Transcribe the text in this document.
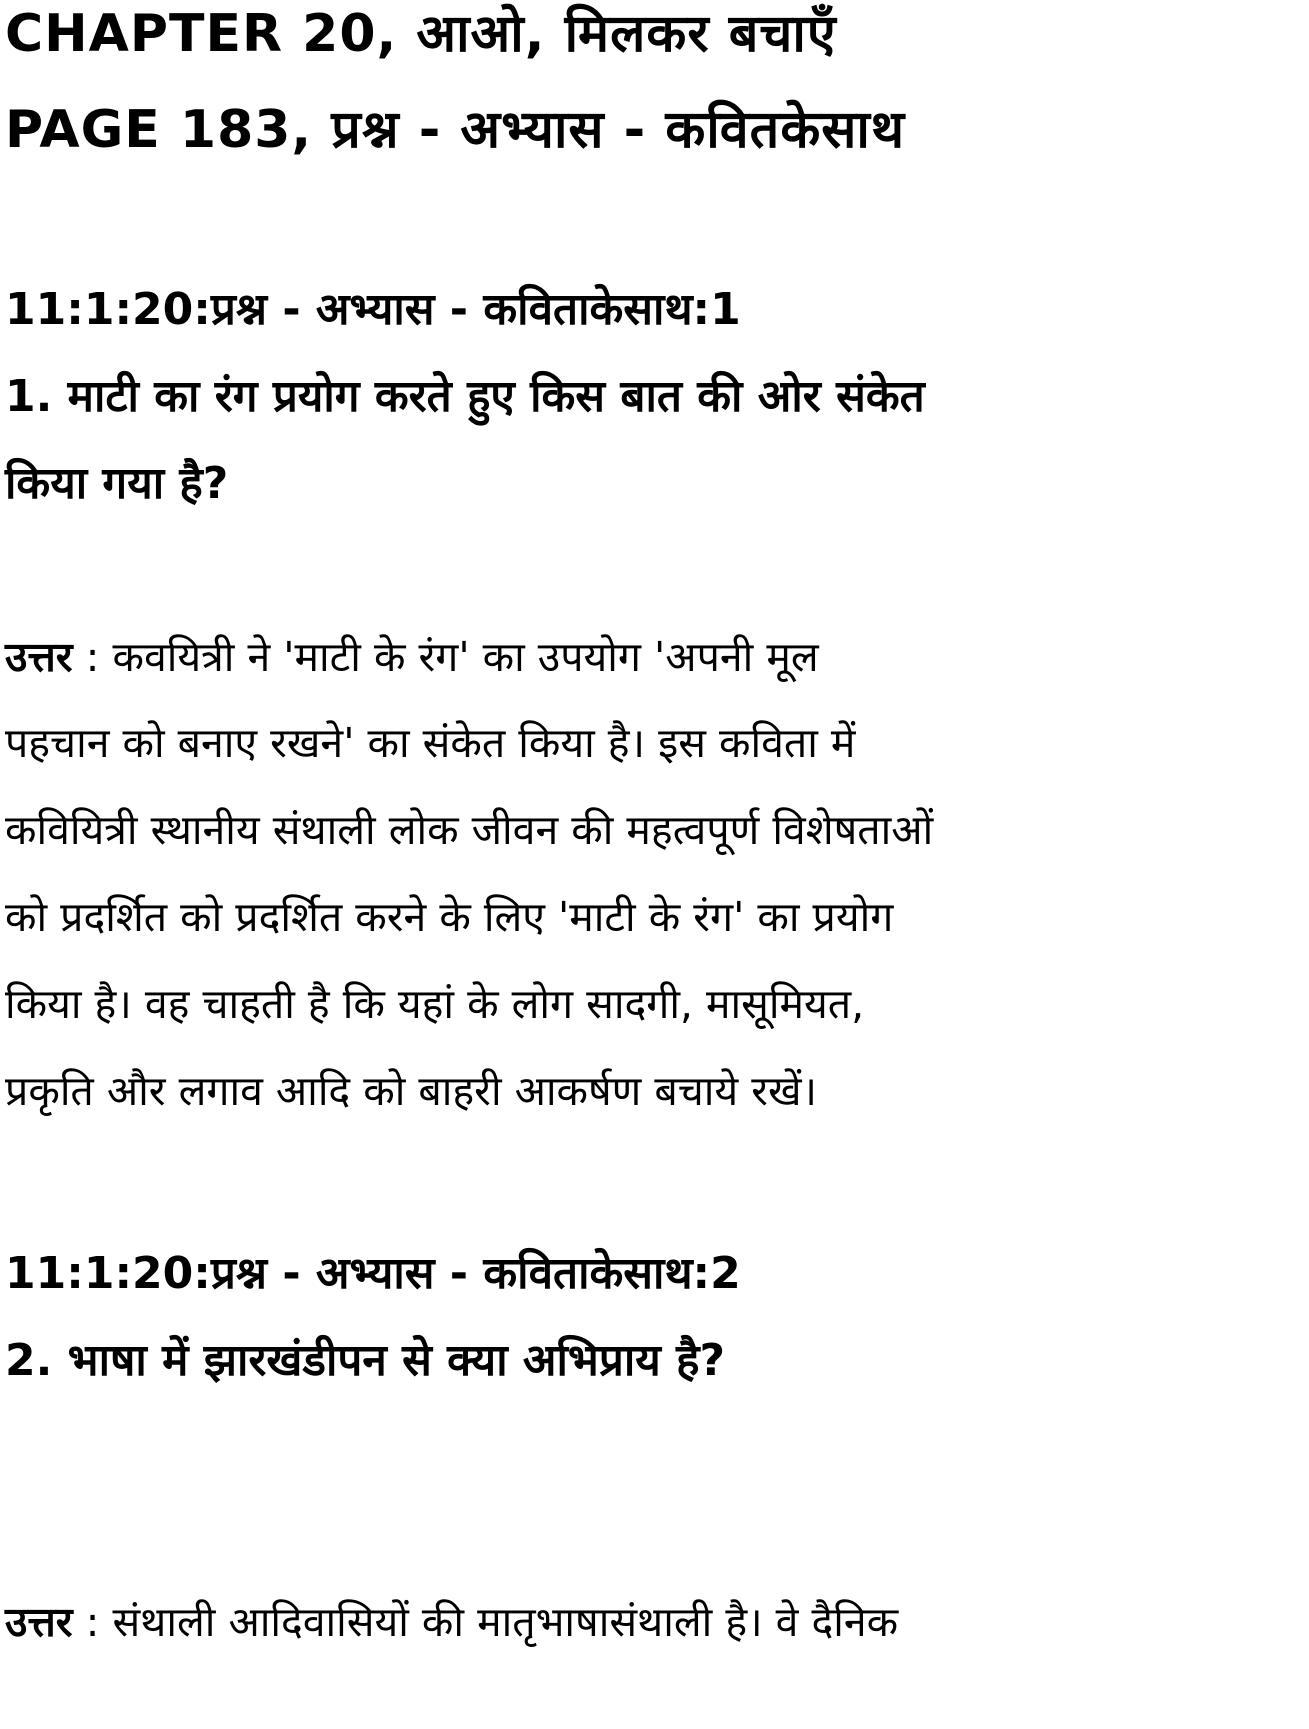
CHAPTER 20, आओ, मिलकर बचाएँ
PAGE 183, प्रश्न - अभ्यास - कवितकेसाथ
11:1:20:प्रश्न - अभ्यास - कविताकेसाथ:1
1. माटी का रंग प्रयोग करते हुए किस बात की ओर संकेत
किया गया है?
उत्तर : कवयित्री ने 'माटी के रंग' का उपयोग 'अपनी मूल
पहचान को बनाए रखने' का संकेत किया है। इस कविता में
कवियित्री स्थानीय संथाली लोक जीवन की महत्वपूर्ण विशेषताओं
को प्रदर्शित को प्रदर्शित करने के लिए 'माटी के रंग' का प्रयोग
किया है। वह चाहती है कि यहां के लोग सादगी, मासूमियत,
प्रकृति और लगाव आदि को बाहरी आकर्षण बचाये रखें।
11:1:20:प्रश्न - अभ्यास - कविताकेसाथ:2
2. भाषा में झारखंडीपन से क्या अभिप्राय है?
उत्तर : संथाली आदिवासियों की मातृभाषासंथाली है। वे दैनिक
